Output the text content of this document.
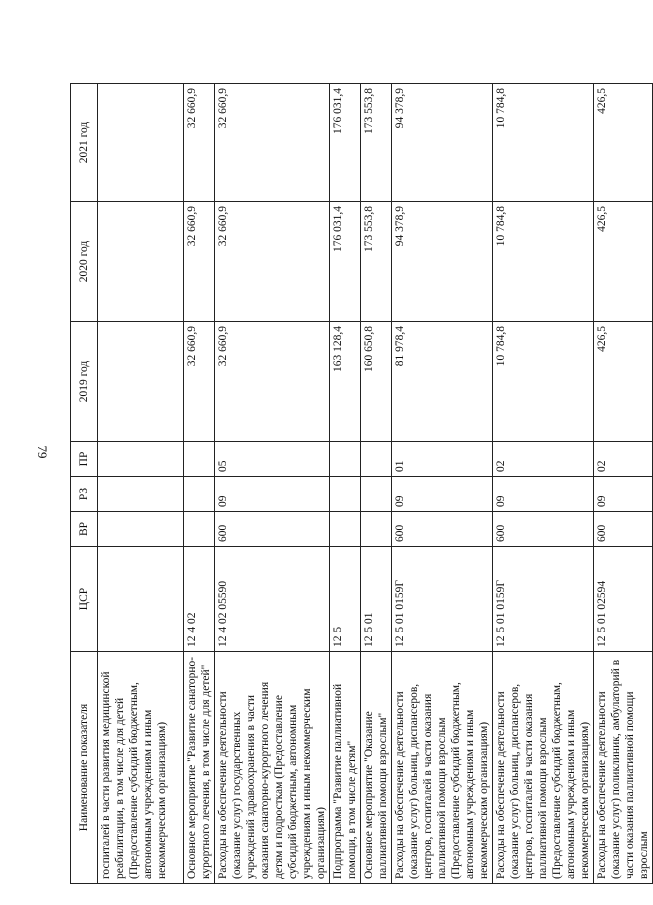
79
Наименование показателя	ЦСР	ВР	РЗ	ПР	2019 год	2020 год	2021 год
госпиталей в части развития медицинской реабилитации, в том числе для детей (Предоставление субсидий бюджетным, автономным учреждениям и иным некоммерческим организациям)							
Основное мероприятие "Развитие санаторно-курортного лечения, в том числе для детей"	12 4 02				32 660,9	32 660,9	32 660,9
Расходы на обеспечение деятельности (оказание услуг) государственных учреждений здравоохранения в части оказания санаторно-курортного лечения детям и подросткам (Предоставление субсидий бюджетным, автономным учреждениям и иным некоммерческим организациям)	12 4 02 05590	600	09	05	32 660,9	32 660,9	32 660,9
Подпрограмма "Развитие паллиативной помощи, в том числе детям"	12 5				163 128,4	176 031,4	176 031,4
Основное мероприятие "Оказание паллиативной помощи взрослым"	12 5 01				160 650,8	173 553,8	173 553,8
Расходы на обеспечение деятельности (оказание услуг) больниц, диспансеров, центров, госпиталей в части оказания паллиативной помощи взрослым (Предоставление субсидий бюджетным, автономным учреждениям и иным некоммерческим организациям)	12 5 01 0159Г	600	09	01	81 978,4	94 378,9	94 378,9
Расходы на обеспечение деятельности (оказание услуг) больниц, диспансеров, центров, госпиталей в части оказания паллиативной помощи взрослым (Предоставление субсидий бюджетным, автономным учреждениям и иным некоммерческим организациям)	12 5 01 0159Г	600	09	02	10 784,8	10 784,8	10 784,8
Расходы на обеспечение деятельности (оказание услуг) поликлиник, амбулаторий в части оказания паллиативной помощи взрослым	12 5 01 02594	600	09	02	426,5	426,5	426,5
